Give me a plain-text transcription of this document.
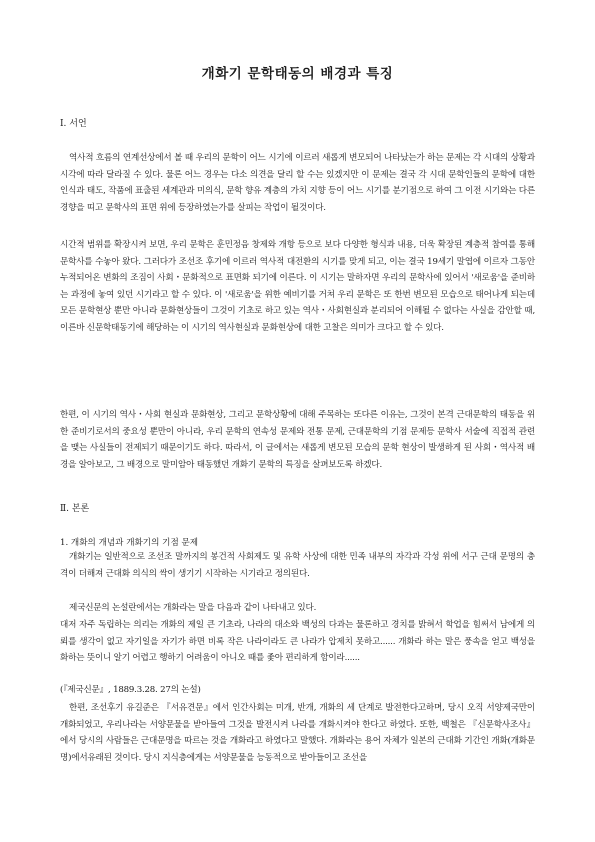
개화기 문학태동의 배경과 특징
Ⅰ. 서언

역사적 흐름의 연계선상에서 볼 때 우리의 문학이 어느 시기에 이르러 새롭게 변모되어 나타났는가 하는 문제는 각 시대의 상황과 시각에 따라 달라질 수 있다. 물론 어느 경우는 다소 의견을 달리 할 수는 있겠지만 이 문제는 결국 각 시대 문학인들의 문학에 대한 인식과 태도, 작품에 표출된 세계관과 미의식, 문학 향유 계층의 가치 지향 등이 어느 시기를 분기점으로 하여 그 이전 시기와는 다른 경향을 띠고 문학사의 표면 위에 등장하였는가를 살피는 작업이 될것이다.

시간적 범위를 확장시켜 보면, 우리 문학은 훈민정음 창제와 개항 등으로 보다 다양한 형식과 내용, 더욱 확장된 계층적 참여를 통해 문학사를 수놓아 왔다. 그러다가 조선조 후기에 이르러 역사적 대전환의 시기를 맞게 되고, 이는 결국 19세기 말엽에 이르자 그동안 누적되어온 변화의 조짐이 사회・문화적으로 표면화 되기에 이른다. 이 시기는 말하자면 우리의 문학사에 있어서 '새로움'을 준비하는 과정에 놓여 있던 시기라고 할 수 있다. 이 '새로움'을 위한 예비기를 거쳐 우리 문학은 또 한번 변모된 모습으로 태어나게 되는데 모든 문학현상 뿐만 아니라 문화현상들이 그것이 기초로 하고 있는 역사・사회현실과 분리되어 이해될 수 없다는 사실을 감안할 때, 이른바 신문학태동기에 해당하는 이 시기의 역사현실과 문화현상에 대한 고찰은 의미가 크다고 할 수 있다.

한편, 이 시기의 역사・사회 현실과 문화현상, 그리고 문학상황에 대해 주목하는 또다른 이유는, 그것이 본격 근대문학의 태동을 위한 준비기로서의 중요성 뿐만이 아니라, 우리 문학의 연속성 문제와 전통 문제, 근대문학의 기점 문제등 문학사 서술에 직접적 관련을 맺는 사실들이 전제되기 때문이기도 하다. 따라서, 이 글에서는 새롭게 변모된 모습의 문학 현상이 발생하게 된 사회・역사적 배경을 알아보고, 그 배경으로 말미암아 태동했던 개화기 문학의 특징을 살펴보도록 하겠다.

Ⅱ. 본론
1. 개화의 개념과 개화기의 기점 문제

개화기는 일반적으로 조선조 말까지의 봉건적 사회제도 및 유학 사상에 대한 민족 내부의 자각과 각성 위에 서구 근대 문명의 충격이 더해져 근대화 의식의 싹이 생기기 시작하는 시기라고 정의된다.

제국신문의 논설란에서는 개화라는 말을 다음과 같이 나타내고 있다.

대저 자주 독립하는 의리는 개화의 제일 큰 기초라, 나라의 대소와 백성의 다과는 물론하고 경치를 밝혀서 학업을 힘써서 남에게 의뢰를 생각이 없고 자기일을 자기가 하면 비록 작은 나라이라도 큰 나라가 압제치 못하고...... 개화라 하는 말은 풍속을 얻고 백성을 화하는 뜻이니 알기 어렵고 행하기 어려움이 아니오 때를 좇아 편리하게 함이라......

(『제국신문』, 1889.3.28. 27의 논설)

한편, 조선후기 유길준은 『서유견문』에서 인간사회는 미개, 반개, 개화의 세 단계로 발전한다고하며, 당시 오직 서양제국만이 개화되었고, 우리나라는 서양문물을 받아들여 그것을 발전시켜 나라를 개화시켜야 한다고 하였다. 또한, 백철은 『신문학사조사』에서 당시의 사람들은 근대문명을 따르는 것을 개화라고 하였다고 말했다. 개화라는 용어 자체가 일본의 근대화 기간인 개화(개화문명)에서유래된 것이다. 당시 지식층에게는 서양문물을 능동적으로 받아들이고 조선을
